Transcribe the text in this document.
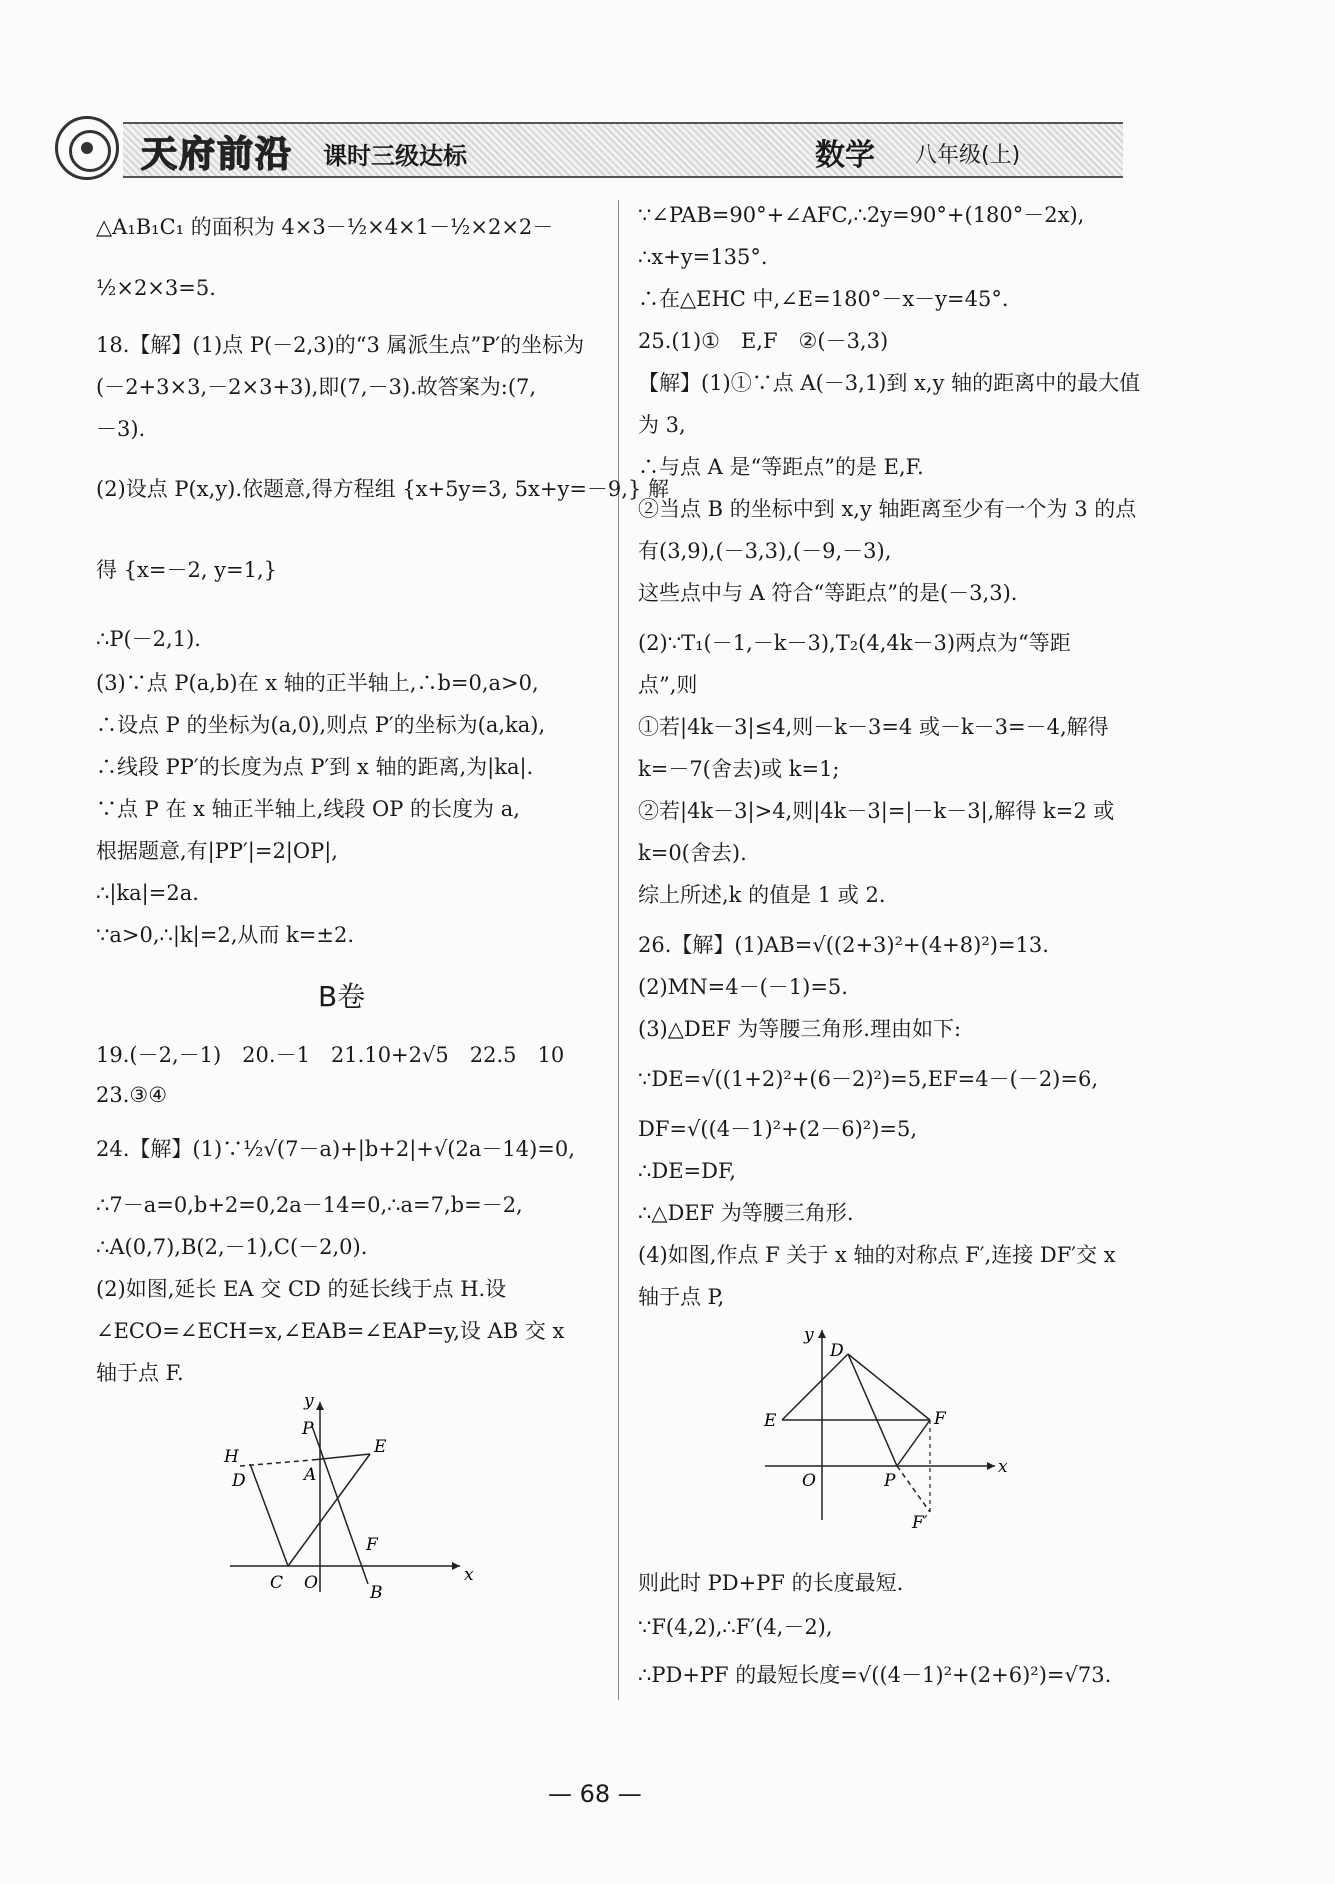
天府前沿 课时三级达标	数学 八年级(上)
△A₁B₁C₁ 的面积为 4×3－½×4×1－½×2×2－
½×2×3=5.
18.【解】(1)点 P(－2,3)的“3 属派生点”P′的坐标为
(－2+3×3,－2×3+3),即(7,－3).故答案为:(7,
－3).
(2)设点 P(x,y).依题意,得方程组 {x+5y=3, 5x+y=－9,} 解
得 {x=－2, y=1,}
∴P(－2,1).
(3)∵点 P(a,b)在 x 轴的正半轴上,∴b=0,a>0,
∴设点 P 的坐标为(a,0),则点 P′的坐标为(a,ka),
∴线段 PP′的长度为点 P′到 x 轴的距离,为|ka|.
∵点 P 在 x 轴正半轴上,线段 OP 的长度为 a,
根据题意,有|PP′|=2|OP|,
∴|ka|=2a.
∵a>0,∴|k|=2,从而 k=±2.
B卷
19.(－2,－1)　20.－1　21.10+2√5　22.5　10
23.③④
24.【解】(1)∵½√(7－a)+|b+2|+√(2a－14)=0,
∴7－a=0,b+2=0,2a－14=0,∴a=7,b=－2,
∴A(0,7),B(2,－1),C(－2,0).
(2)如图,延长 EA 交 CD 的延长线于点 H.设
∠ECO=∠ECH=x,∠EAB=∠EAP=y,设 AB 交 x
轴于点 F.
y
x
P
H
A
E
D
F
C O	B
∵∠PAB=90°+∠AFC,∴2y=90°+(180°－2x),
∴x+y=135°.
∴在△EHC 中,∠E=180°－x－y=45°.
25.(1)①　E,F　②(－3,3)
【解】(1)①∵点 A(－3,1)到 x,y 轴的距离中的最大值
为 3,
∴与点 A 是“等距点”的是 E,F.
②当点 B 的坐标中到 x,y 轴距离至少有一个为 3 的点
有(3,9),(－3,3),(－9,－3),
这些点中与 A 符合“等距点”的是(－3,3).
(2)∵T₁(－1,－k－3),T₂(4,4k－3)两点为“等距
点”,则
①若|4k－3|≤4,则－k－3=4 或－k－3=－4,解得
k=－7(舍去)或 k=1;
②若|4k－3|>4,则|4k－3|=|－k－3|,解得 k=2 或
k=0(舍去).
综上所述,k 的值是 1 或 2.
26.【解】(1)AB=√((2+3)²+(4+8)²)=13.
(2)MN=4－(－1)=5.
(3)△DEF 为等腰三角形.理由如下:
∵DE=√((1+2)²+(6－2)²)=5,EF=4－(－2)=6,
DF=√((4－1)²+(2－6)²)=5,
∴DE=DF,
∴△DEF 为等腰三角形.
(4)如图,作点 F 关于 x 轴的对称点 F′,连接 DF′交 x
轴于点 P,
y
x
D
E	F
O	P
F′
则此时 PD+PF 的长度最短.
∵F(4,2),∴F′(4,－2),
∴PD+PF 的最短长度=√((4－1)²+(2+6)²)=√73.
— 68 —
